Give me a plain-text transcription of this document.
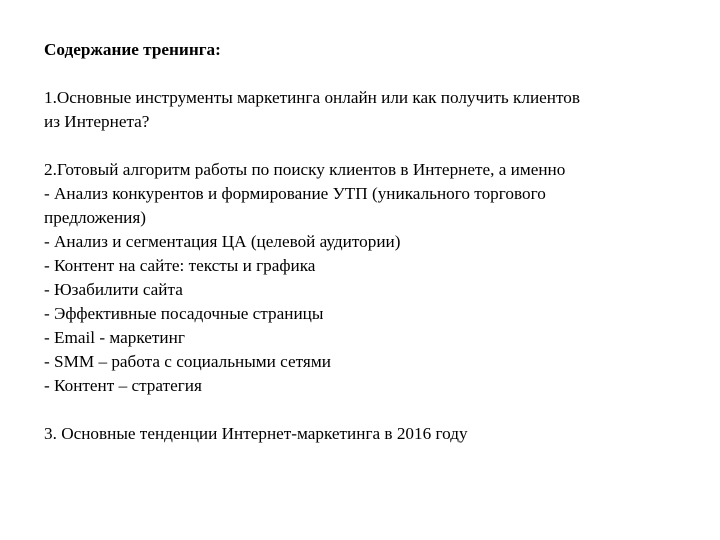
Содержание тренинга:

1.Основные инструменты маркетинга онлайн или как получить клиентов

из Интернета?

2.Готовый алгоритм работы по поиску клиентов в Интернете, а именно

- Анализ конкурентов и формирование УТП (уникального торгового
предложения)
- Анализ и сегментация ЦА (целевой аудитории)
- Контент на сайте: тексты и графика
- Юзабилити сайта
- Эффективные посадочные страницы
- Email - маркетинг
- SMM – работа с социальными сетями
- Контент – стратегия

3. Основные тенденции Интернет-маркетинга в 2016 году
